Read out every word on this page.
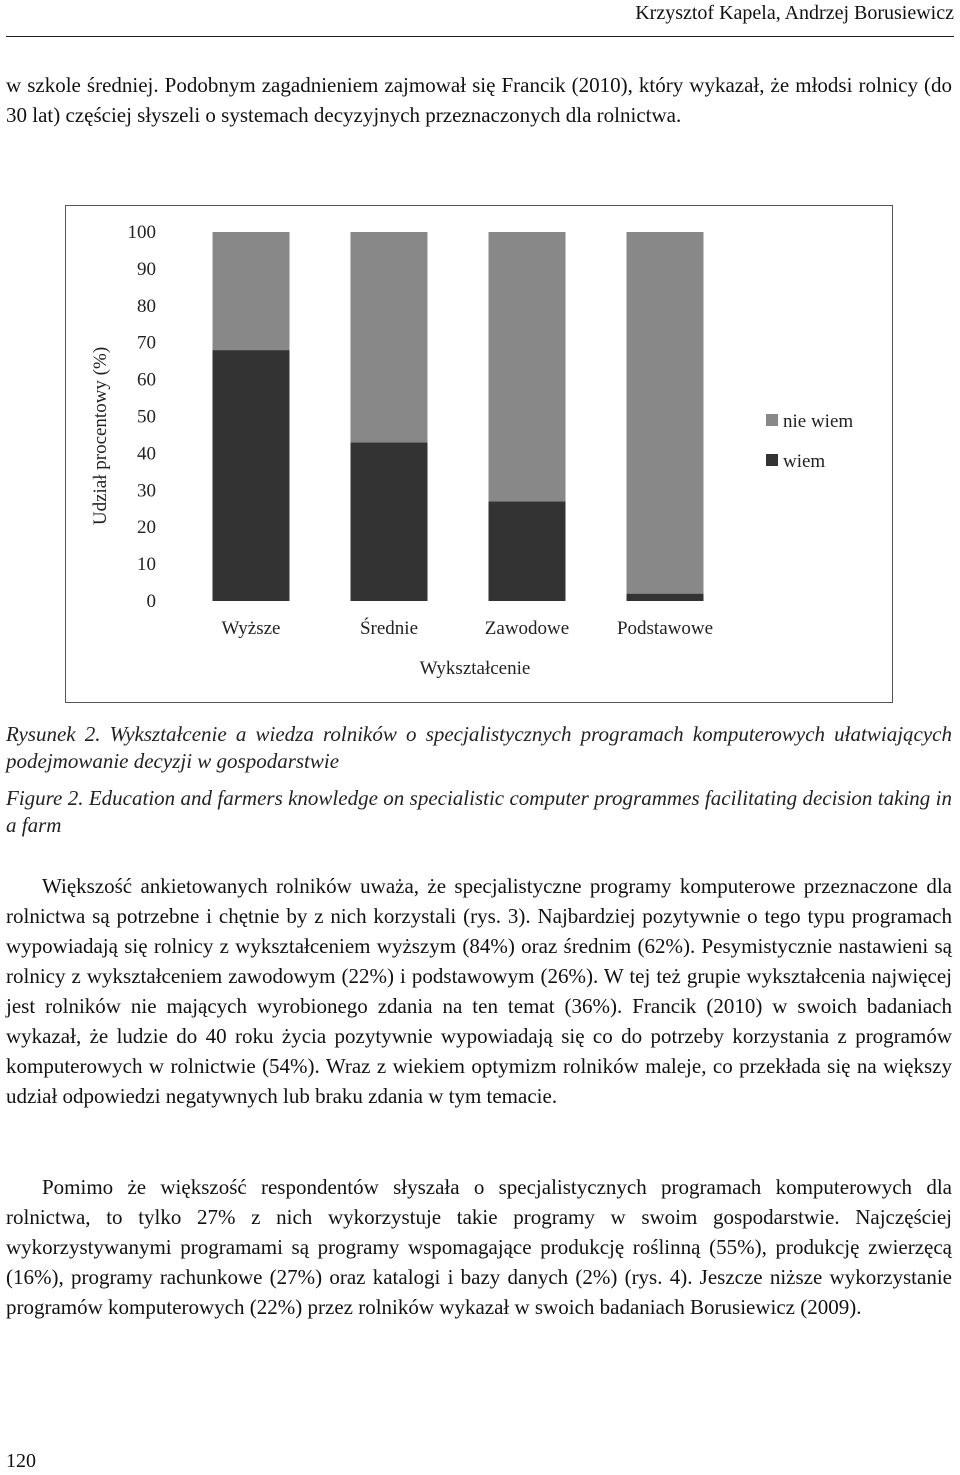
Krzysztof Kapela, Andrzej Borusiewicz

w szkole średniej. Podobnym zagadnieniem zajmował się Francik (2010), który wykazał, że młodsi rolnicy (do 30 lat) częściej słyszeli o systemach decyzyjnych przeznaczonych dla rolnictwa.

0
10
20
30
40
50
60
70
80
90
100
Wyższe	Średnie	Zawodowe	Podstawowe
Wykształcenie
Udział procentowy (%)	nie wiem
wiem

Rysunek 2. Wykształcenie a wiedza rolników o specjalistycznych programach komputerowych ułatwiających podejmowanie decyzji w gospodarstwie

Figure 2. Education and farmers knowledge on specialistic computer programmes facilitating decision taking in a farm

Większość ankietowanych rolników uważa, że specjalistyczne programy komputerowe przeznaczone dla rolnictwa są potrzebne i chętnie by z nich korzystali (rys. 3). Najbardziej pozytywnie o tego typu programach wypowiadają się rolnicy z wykształceniem wyższym (84%) oraz średnim (62%). Pesymistycznie nastawieni są rolnicy z wykształceniem zawodowym (22%) i podstawowym (26%). W tej też grupie wykształcenia najwięcej jest rolników nie mających wyrobionego zdania na ten temat (36%). Francik (2010) w swoich badaniach wykazał, że ludzie do 40 roku życia pozytywnie wypowiadają się co do potrzeby korzystania z programów komputerowych w rolnictwie (54%). Wraz z wiekiem optymizm rolników maleje, co przekłada się na większy udział odpowiedzi negatywnych lub braku zdania w tym temacie.

Pomimo że większość respondentów słyszała o specjalistycznych programach komputerowych dla rolnictwa, to tylko 27% z nich wykorzystuje takie programy w swoim gospodarstwie. Najczęściej wykorzystywanymi programami są programy wspomagające produkcję roślinną (55%), produkcję zwierzęcą (16%), programy rachunkowe (27%) oraz katalogi i bazy danych (2%) (rys. 4). Jeszcze niższe wykorzystanie programów komputerowych (22%) przez rolników wykazał w swoich badaniach Borusiewicz (2009).

120
